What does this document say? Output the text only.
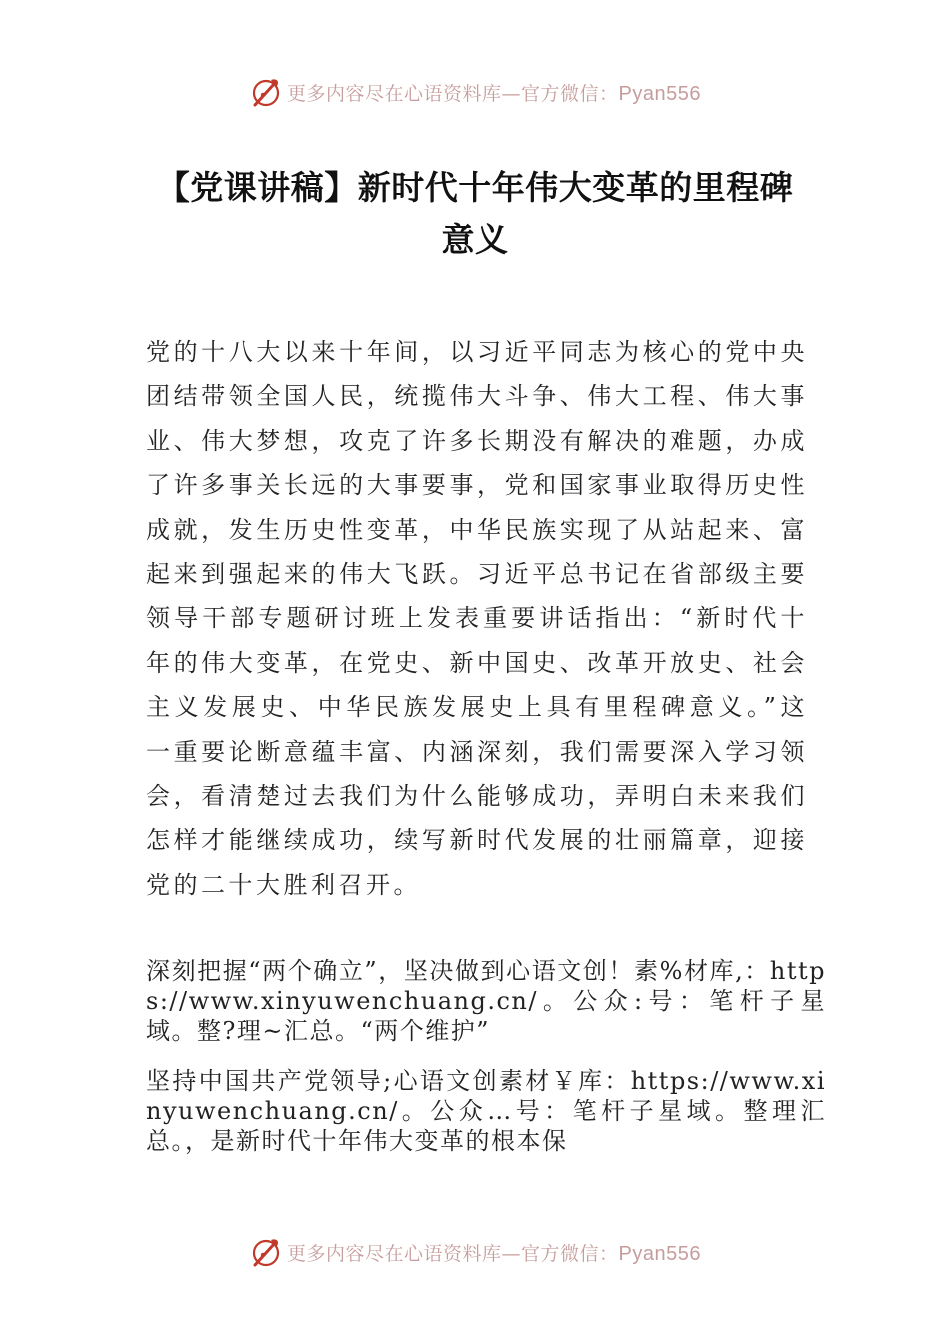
更多内容尽在心语资料库—官方微信：Pyan556
【党课讲稿】新时代十年伟大变革的里程碑
意义

党的十八大以来十年间，以习近平同志为核心的党中央团结带领全国人民，统揽伟大斗争、伟大工程、伟大事业、伟大梦想，攻克了许多长期没有解决的难题，办成了许多事关长远的大事要事，党和国家事业取得历史性成就，发生历史性变革，中华民族实现了从站起来、富起来到强起来的伟大飞跃。习近平总书记在省部级主要领导干部专题研讨班上发表重要讲话指出：“新时代十年的伟大变革，在党史、新中国史、改革开放史、社会主义发展史、中华民族发展史上具有里程碑意义。”这一重要论断意蕴丰富、内涵深刻，我们需要深入学习领会，看清楚过去我们为什么能够成功，弄明白未来我们怎样才能继续成功，续写新时代发展的壮丽篇章，迎接党的二十大胜利召开。

深刻把握“两个确立”，坚决做到心语文创！素%材库,：https://www.xinyuwenchuang.cn/。公众:号：笔杆子星域。整?理~汇总。“两个维护”

坚持中国共产党领导;心语文创素材￥库：https://www.xinyuwenchuang.cn/。公众…号：笔杆子星域。整理汇总。，是新时代十年伟大变革的根本保

更多内容尽在心语资料库—官方微信：Pyan556
